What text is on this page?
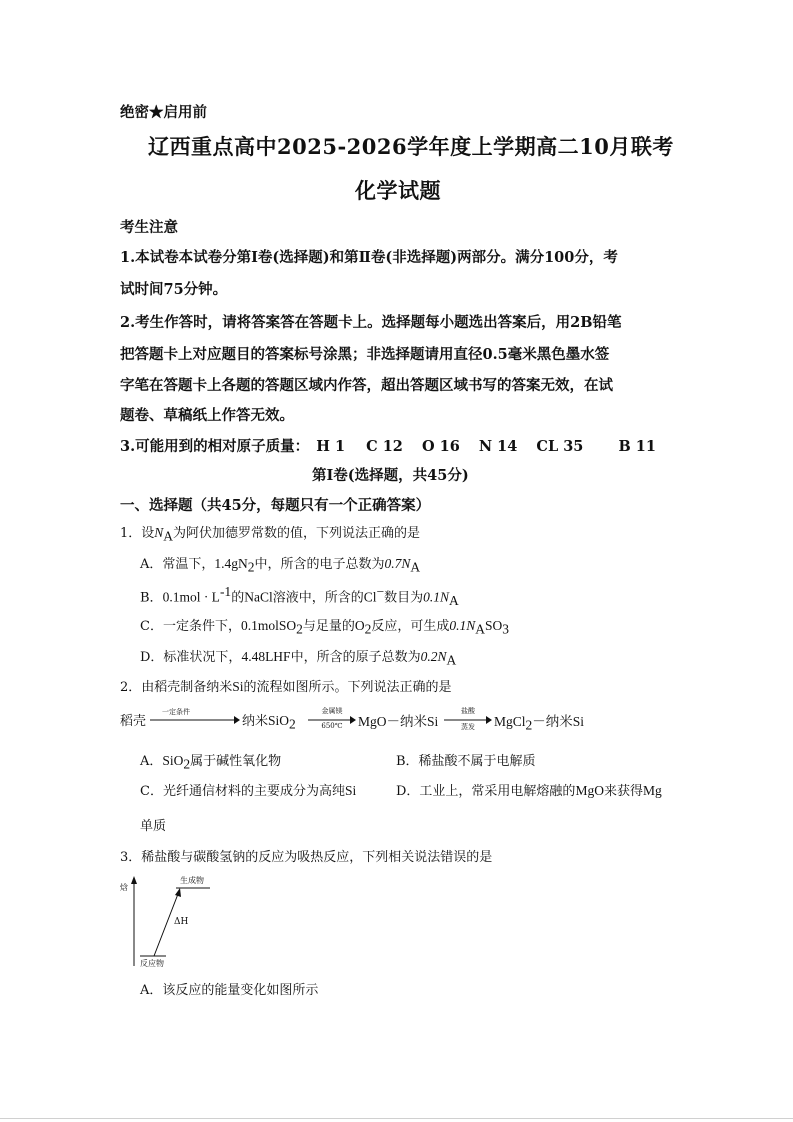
绝密★启用前
辽西重点高中2025-2026学年度上学期高二10月联考
化学试题
考生注意
1.本试卷本试卷分第Ⅰ卷(选择题)和第Ⅱ卷(非选择题)两部分。满分100分，考
试时间75分钟。
2.考生作答时，请将答案答在答题卡上。选择题每小题选出答案后，用2B铅笔
把答题卡上对应题目的答案标号涂黑；非选择题请用直径0.5毫米黑色墨水签
字笔在答题卡上各题的答题区域内作答，超出答题区域书写的答案无效，在试
题卷、草稿纸上作答无效。
3.可能用到的相对原子质量： H 1 C 12 O 16 N 14 CL 35 B 11
第Ⅰ卷(选择题，共45分)
一、选择题（共45分，每题只有一个正确答案）
1．设$N_A$为阿伏加德罗常数的值，下列说法正确的是
A．常温下，$1.4gN_2$中，所含的电子总数为$0.7N_A$
B．$0.1mol \cdot L^{-1}$的NaCl溶液中，所含的Cl−数目为$0.1N_A$
C．一定条件下，0.1molSO$_2$与足量的$O_2$反应，可生成$0.1N_ASO_3$
D．标准状况下，4.48LHF中，所含的原子总数为$0.2N_A$
2．由稻壳制备纳米Si的流程如图所示。下列说法正确的是
稻壳
一定条件
纳米SiO$_2$
金属镁
650℃	MgO－纳米Si
盐酸
蒸发	MgCl$_2$－纳米Si
A．SiO$_2$属于碱性氧化物	B．稀盐酸不属于电解质
C．光纤通信材料的主要成分为高纯Si	D．工业上，常采用电解熔融的MgO来获得Mg
单质
3．稀盐酸与碳酸氢钠的反应为吸热反应，下列相关说法错误的是
焓
生成物
ΔH
反应物
A．该反应的能量变化如图所示
